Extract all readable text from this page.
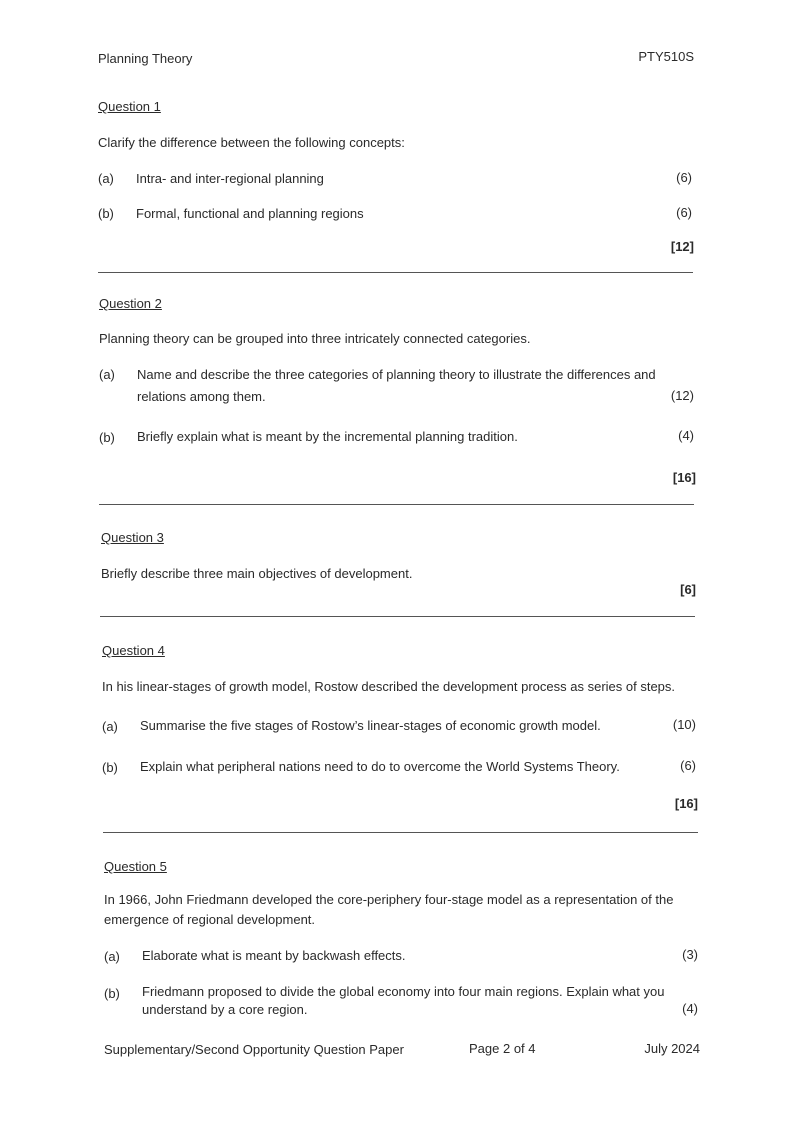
Planning Theory	PTY510S
Question 1
Clarify the difference between the following concepts:
(a) Intra- and inter-regional planning	(6)
(b) Formal, functional and planning regions	(6)
[12]
Question 2
Planning theory can be grouped into three intricately connected categories.
(a) Name and describe the three categories of planning theory to illustrate the differences and
relations among them.	(12)
(b) Briefly explain what is meant by the incremental planning tradition.	(4)
[16]
Question 3
Briefly describe three main objectives of development.
[6]
Question 4
In his linear-stages of growth model, Rostow described the development process as series of steps.
(a) Summarise the five stages of Rostow’s linear-stages of economic growth model.	(10)
(b) Explain what peripheral nations need to do to overcome the World Systems Theory.	(6)
[16]
Question 5
In 1966, John Friedmann developed the core-periphery four-stage model as a representation of the
emergence of regional development.
(a) Elaborate what is meant by backwash effects.	(3)
(b) Friedmann proposed to divide the global economy into four main regions. Explain what you
understand by a core region.	(4)
Supplementary/Second Opportunity Question Paper	Page 2 of 4	July 2024
